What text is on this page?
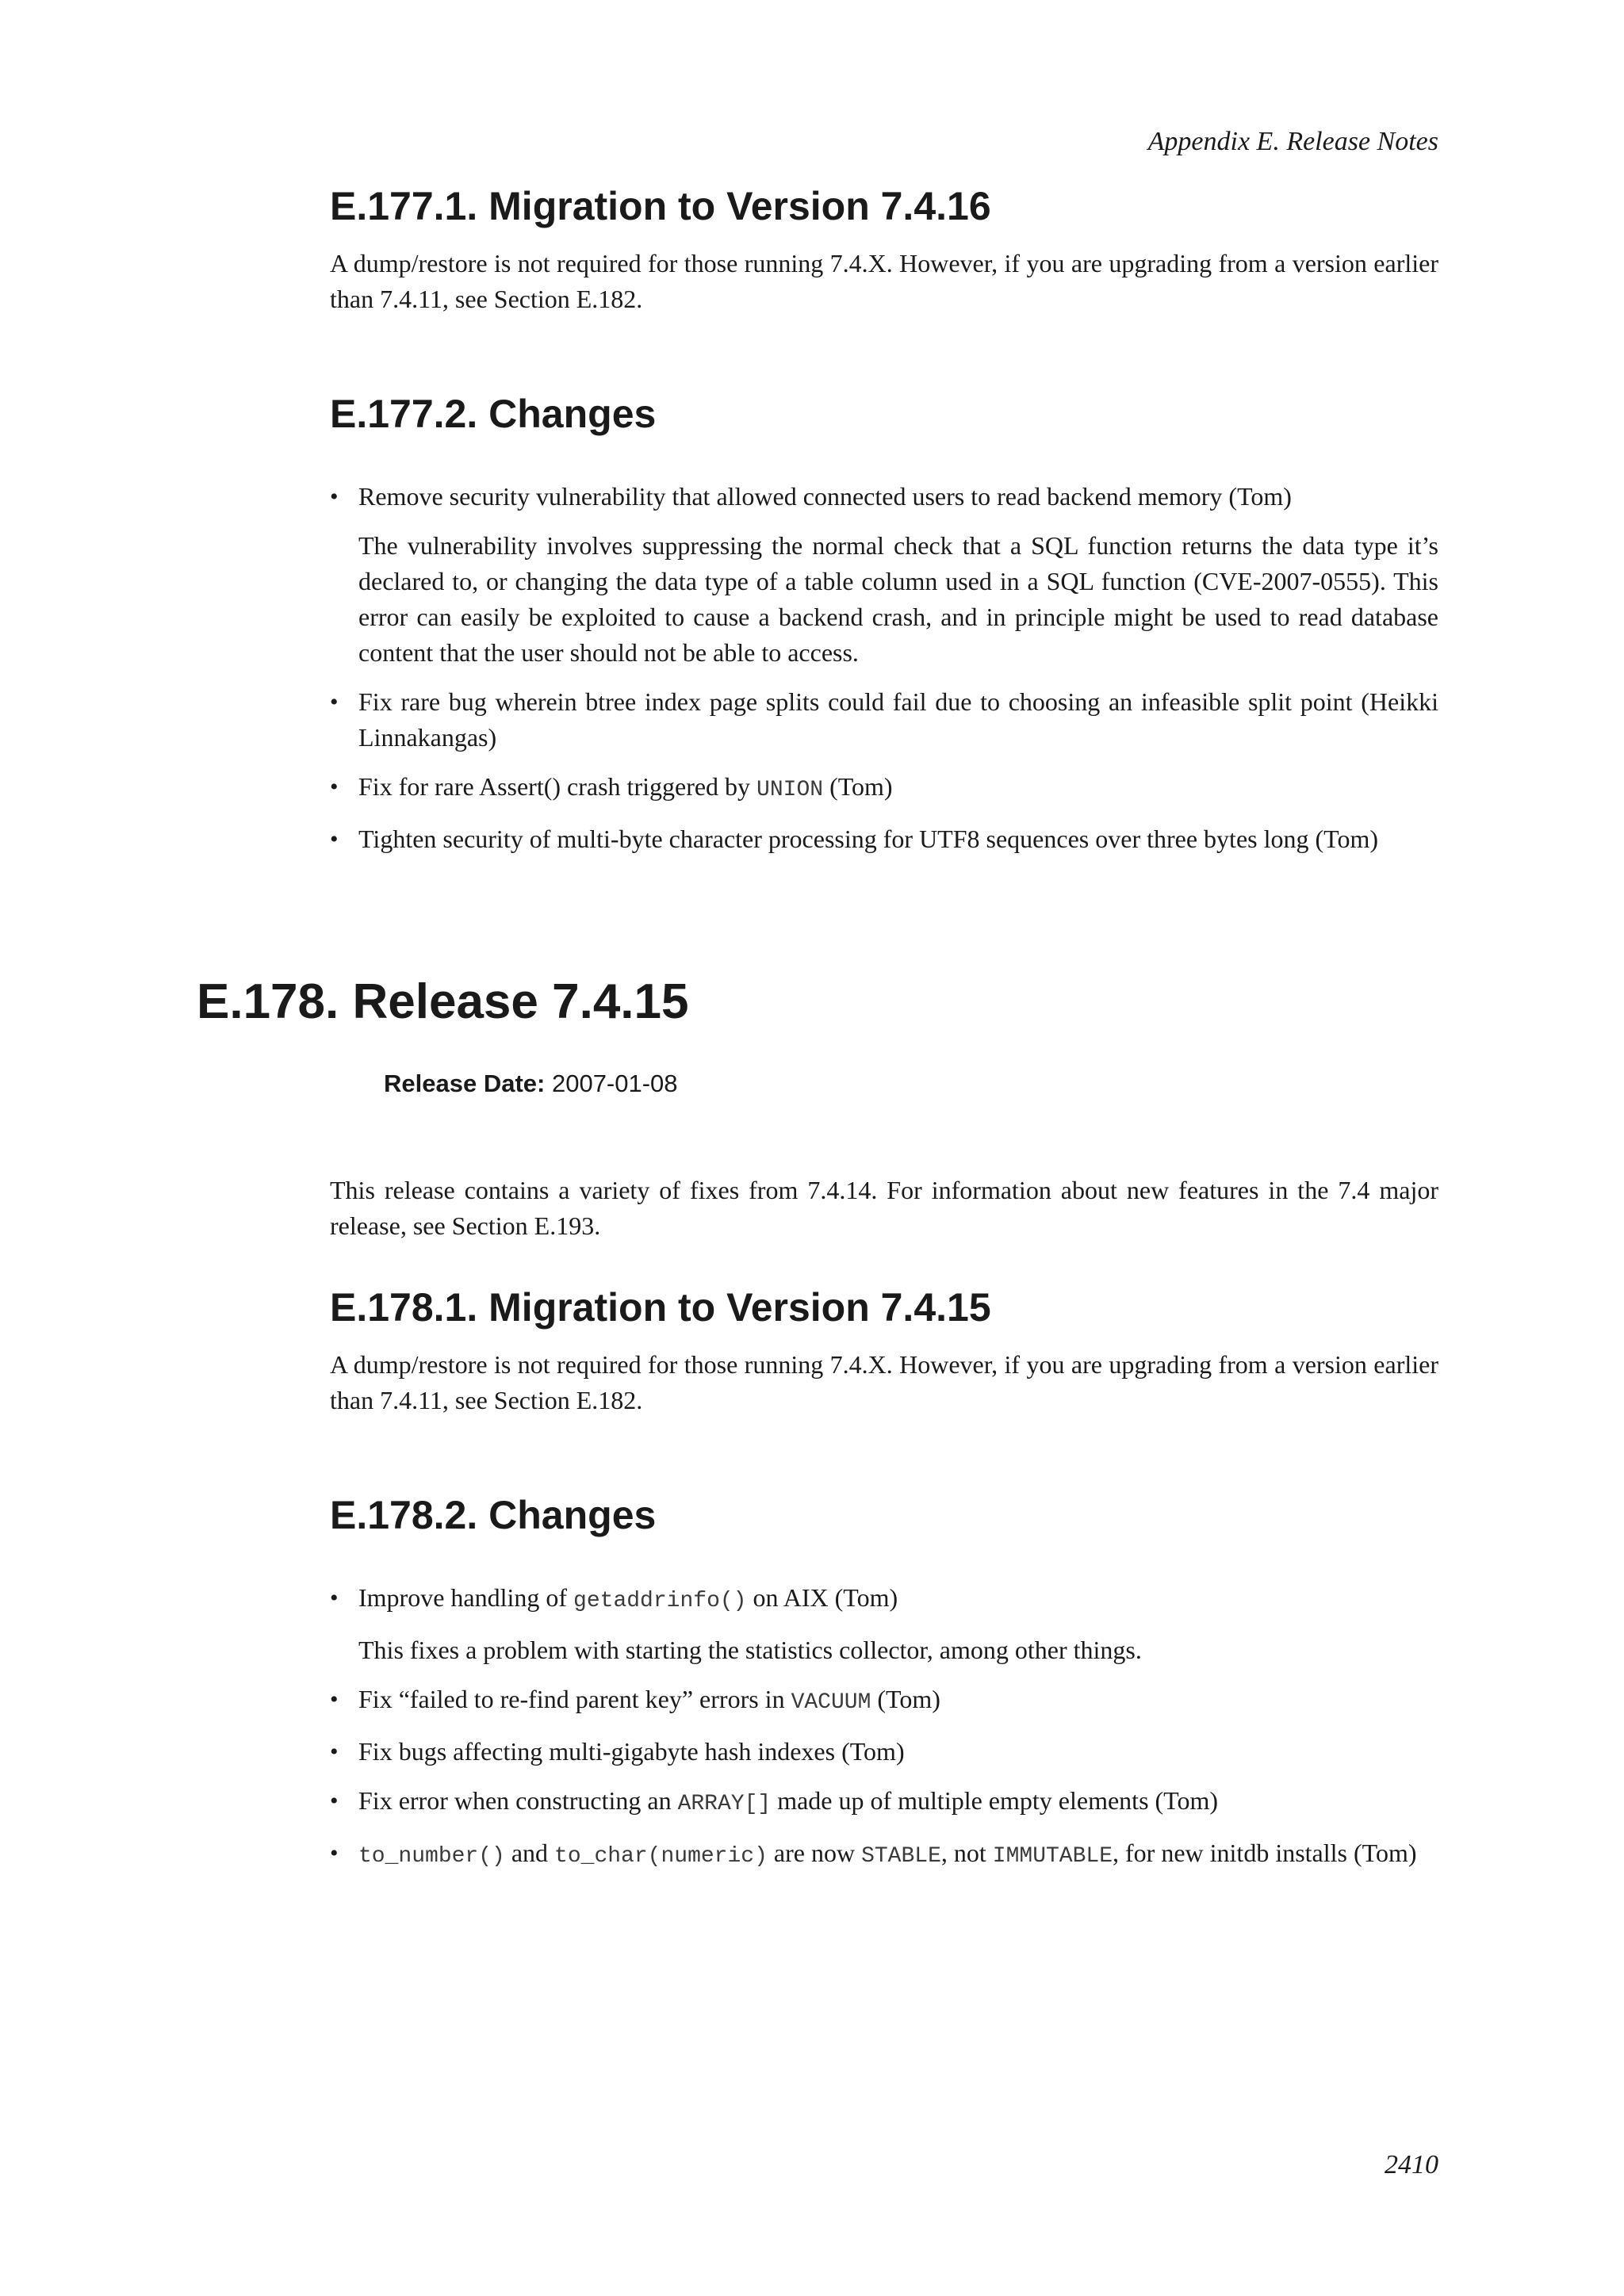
Appendix E. Release Notes
E.177.1. Migration to Version 7.4.16

A dump/restore is not required for those running 7.4.X. However, if you are upgrading from a version earlier than 7.4.11, see Section E.182.

E.177.2. Changes

• Remove security vulnerability that allowed connected users to read backend memory (Tom)

The vulnerability involves suppressing the normal check that a SQL function returns the data type it’s declared to, or changing the data type of a table column used in a SQL function (CVE-2007-0555). This error can easily be exploited to cause a backend crash, and in principle might be used to read database content that the user should not be able to access.

• Fix rare bug wherein btree index page splits could fail due to choosing an infeasible split point (Heikki Linnakangas)

• Fix for rare Assert() crash triggered by UNION (Tom)

• Tighten security of multi-byte character processing for UTF8 sequences over three bytes long (Tom)

E.178. Release 7.4.15
Release Date: 2007-01-08

This release contains a variety of fixes from 7.4.14. For information about new features in the 7.4 major release, see Section E.193.

E.178.1. Migration to Version 7.4.15

A dump/restore is not required for those running 7.4.X. However, if you are upgrading from a version earlier than 7.4.11, see Section E.182.

E.178.2. Changes

• Improve handling of getaddrinfo() on AIX (Tom)

This fixes a problem with starting the statistics collector, among other things.

• Fix “failed to re-find parent key” errors in VACUUM (Tom)

• Fix bugs affecting multi-gigabyte hash indexes (Tom)

• Fix error when constructing an ARRAY[] made up of multiple empty elements (Tom)

• to_number() and to_char(numeric) are now STABLE, not IMMUTABLE, for new initdb installs (Tom)

2410
